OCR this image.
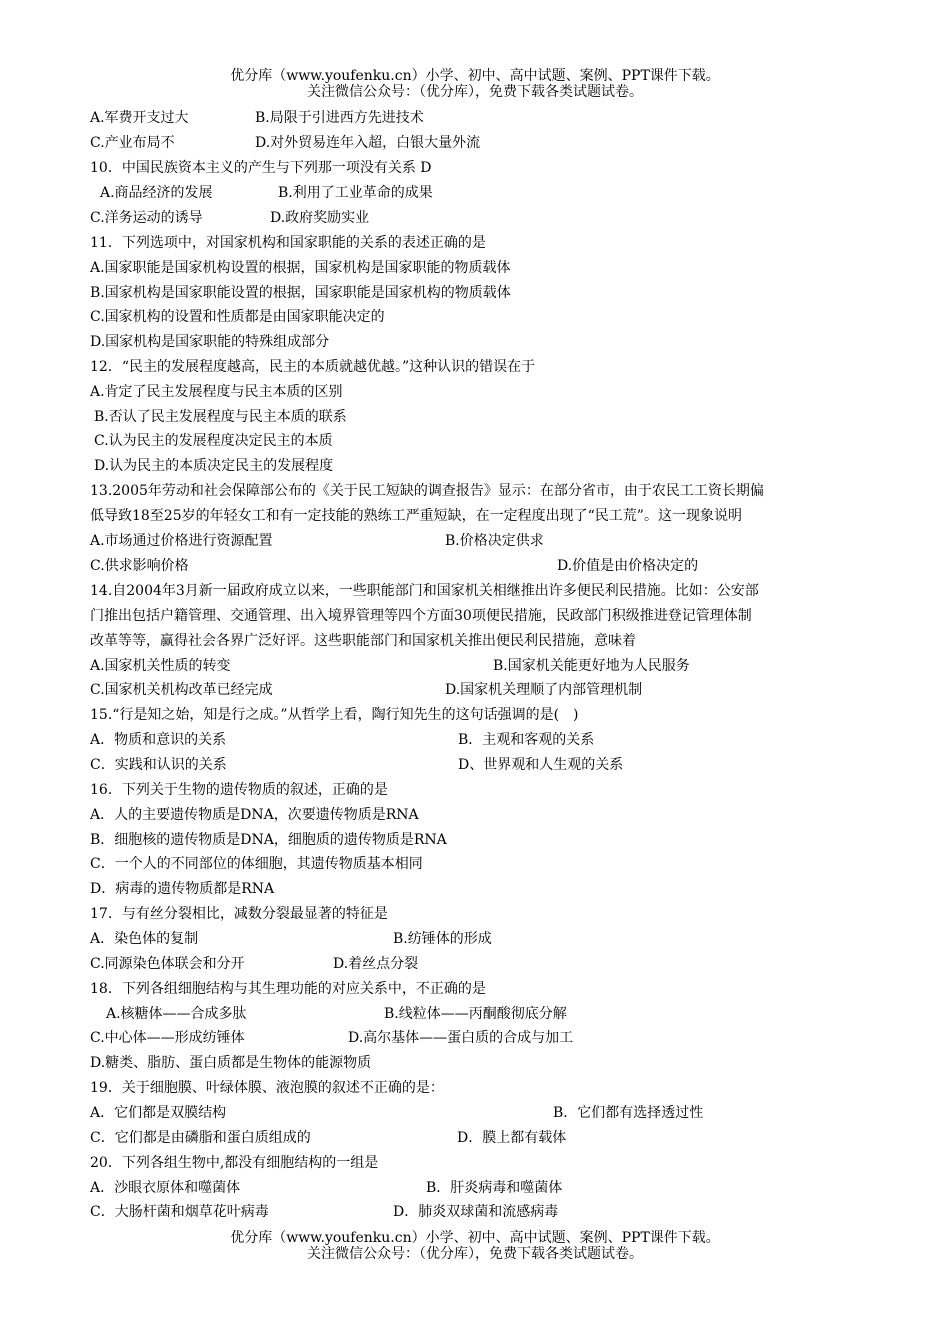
优分库（www.youfenku.cn）小学、初中、高中试题、案例、PPT课件下载。
关注微信公众号：（优分库），免费下载各类试题试卷。
A.军费开支过大	B.局限于引进西方先进技术
C.产业布局不	D.对外贸易连年入超，白银大量外流
10．中国民族资本主义的产生与下列那一项没有关系 D
A.商品经济的发展	B.利用了工业革命的成果
C.洋务运动的诱导	D.政府奖励实业
11．下列选项中，对国家机构和国家职能的关系的表述正确的是
A.国家职能是国家机构设置的根据，国家机构是国家职能的物质载体
B.国家机构是国家职能设置的根据，国家职能是国家机构的物质载体
C.国家机构的设置和性质都是由国家职能决定的
D.国家机构是国家职能的特殊组成部分
12．“民主的发展程度越高，民主的本质就越优越。”这种认识的错误在于
A.肯定了民主发展程度与民主本质的区别
B.否认了民主发展程度与民主本质的联系
C.认为民主的发展程度决定民主的本质
D.认为民主的本质决定民主的发展程度
13.2005年劳动和社会保障部公布的《关于民工短缺的调查报告》显示：在部分省市，由于农民工工资长期偏
低导致18至25岁的年轻女工和有一定技能的熟练工严重短缺，在一定程度出现了“民工荒”。这一现象说明
A.市场通过价格进行资源配置	B.价格决定供求
C.供求影响价格	D.价值是由价格决定的
14.自2004年3月新一届政府成立以来，一些职能部门和国家机关相继推出许多便民利民措施。比如：公安部
门推出包括户籍管理、交通管理、出入境界管理等四个方面30项便民措施，民政部门积级推进登记管理体制
改革等等，赢得社会各界广泛好评。这些职能部门和国家机关推出便民利民措施，意味着
A.国家机关性质的转变	B.国家机关能更好地为人民服务
C.国家机关机构改革已经完成	D.国家机关理顺了内部管理机制
15.“行是知之始，知是行之成。”从哲学上看，陶行知先生的这句话强调的是(　)
A．物质和意识的关系	B．主观和客观的关系
C．实践和认识的关系	D、世界观和人生观的关系
16．下列关于生物的遗传物质的叙述，正确的是
A．人的主要遗传物质是DNA，次要遗传物质是RNA
B．细胞核的遗传物质是DNA，细胞质的遗传物质是RNA
C．一个人的不同部位的体细胞，其遗传物质基本相同
D．病毒的遗传物质都是RNA
17．与有丝分裂相比，减数分裂最显著的特征是
A．染色体的复制	B.纺锤体的形成
C.同源染色体联会和分开	D.着丝点分裂
18．下列各组细胞结构与其生理功能的对应关系中，不正确的是
A.核糖体——合成多肽	B.线粒体——丙酮酸彻底分解
C.中心体——形成纺锤体	D.高尔基体——蛋白质的合成与加工
D.糖类、脂肪、蛋白质都是生物体的能源物质
19．关于细胞膜、叶绿体膜、液泡膜的叙述不正确的是：
A．它们都是双膜结构	B．它们都有选择透过性
C．它们都是由磷脂和蛋白质组成的	D．膜上都有载体
20．下列各组生物中,都没有细胞结构的一组是
A．沙眼衣原体和噬菌体	B．肝炎病毒和噬菌体
C．大肠杆菌和烟草花叶病毒	D．肺炎双球菌和流感病毒
优分库（www.youfenku.cn）小学、初中、高中试题、案例、PPT课件下载。
关注微信公众号：（优分库），免费下载各类试题试卷。
